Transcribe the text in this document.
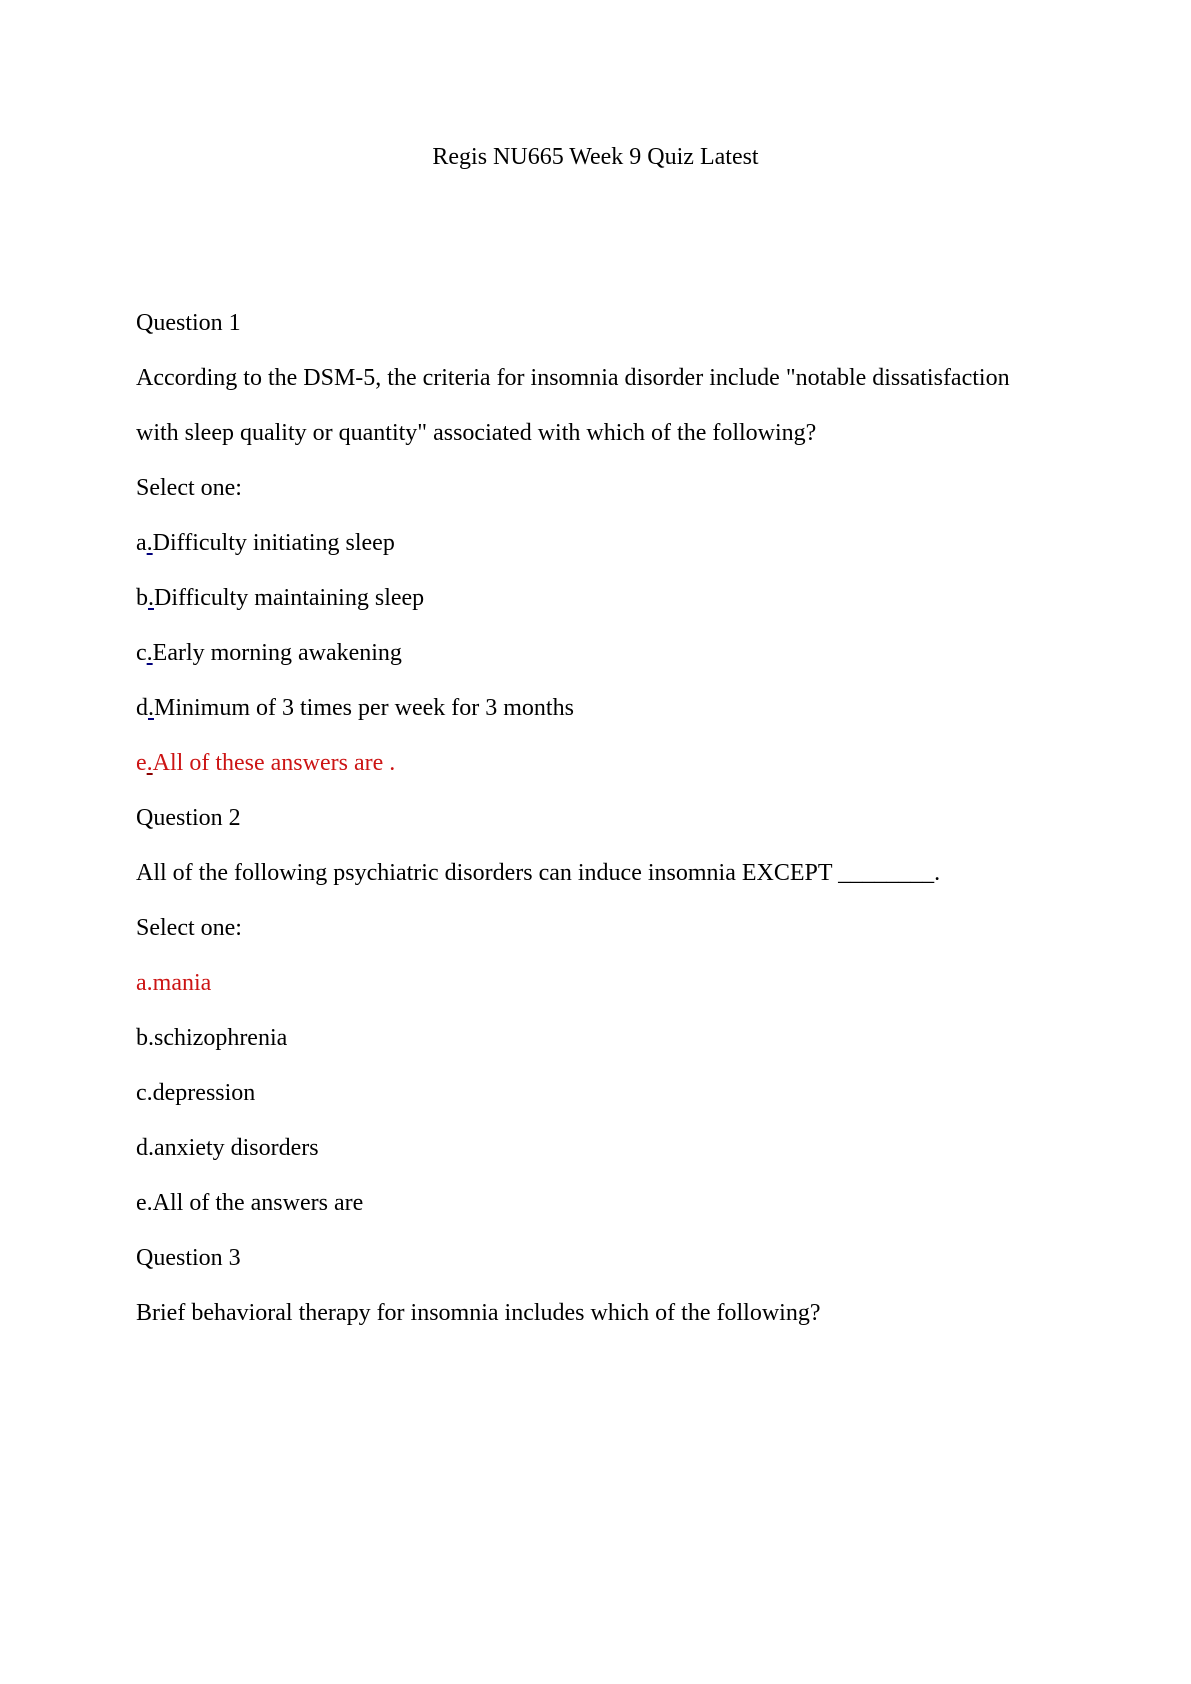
Regis NU665 Week 9 Quiz Latest
Question 1
According to the DSM-5, the criteria for insomnia disorder include "notable dissatisfaction
with sleep quality or quantity" associated with which of the following?
Select one:
a.Difficulty initiating sleep
b.Difficulty maintaining sleep
c.Early morning awakening
d.Minimum of 3 times per week for 3 months
e.All of these answers are .
Question 2
All of the following psychiatric disorders can induce insomnia EXCEPT ________.
Select one:
a.mania
b.schizophrenia
c.depression
d.anxiety disorders
e.All of the answers are
Question 3
Brief behavioral therapy for insomnia includes which of the following?
